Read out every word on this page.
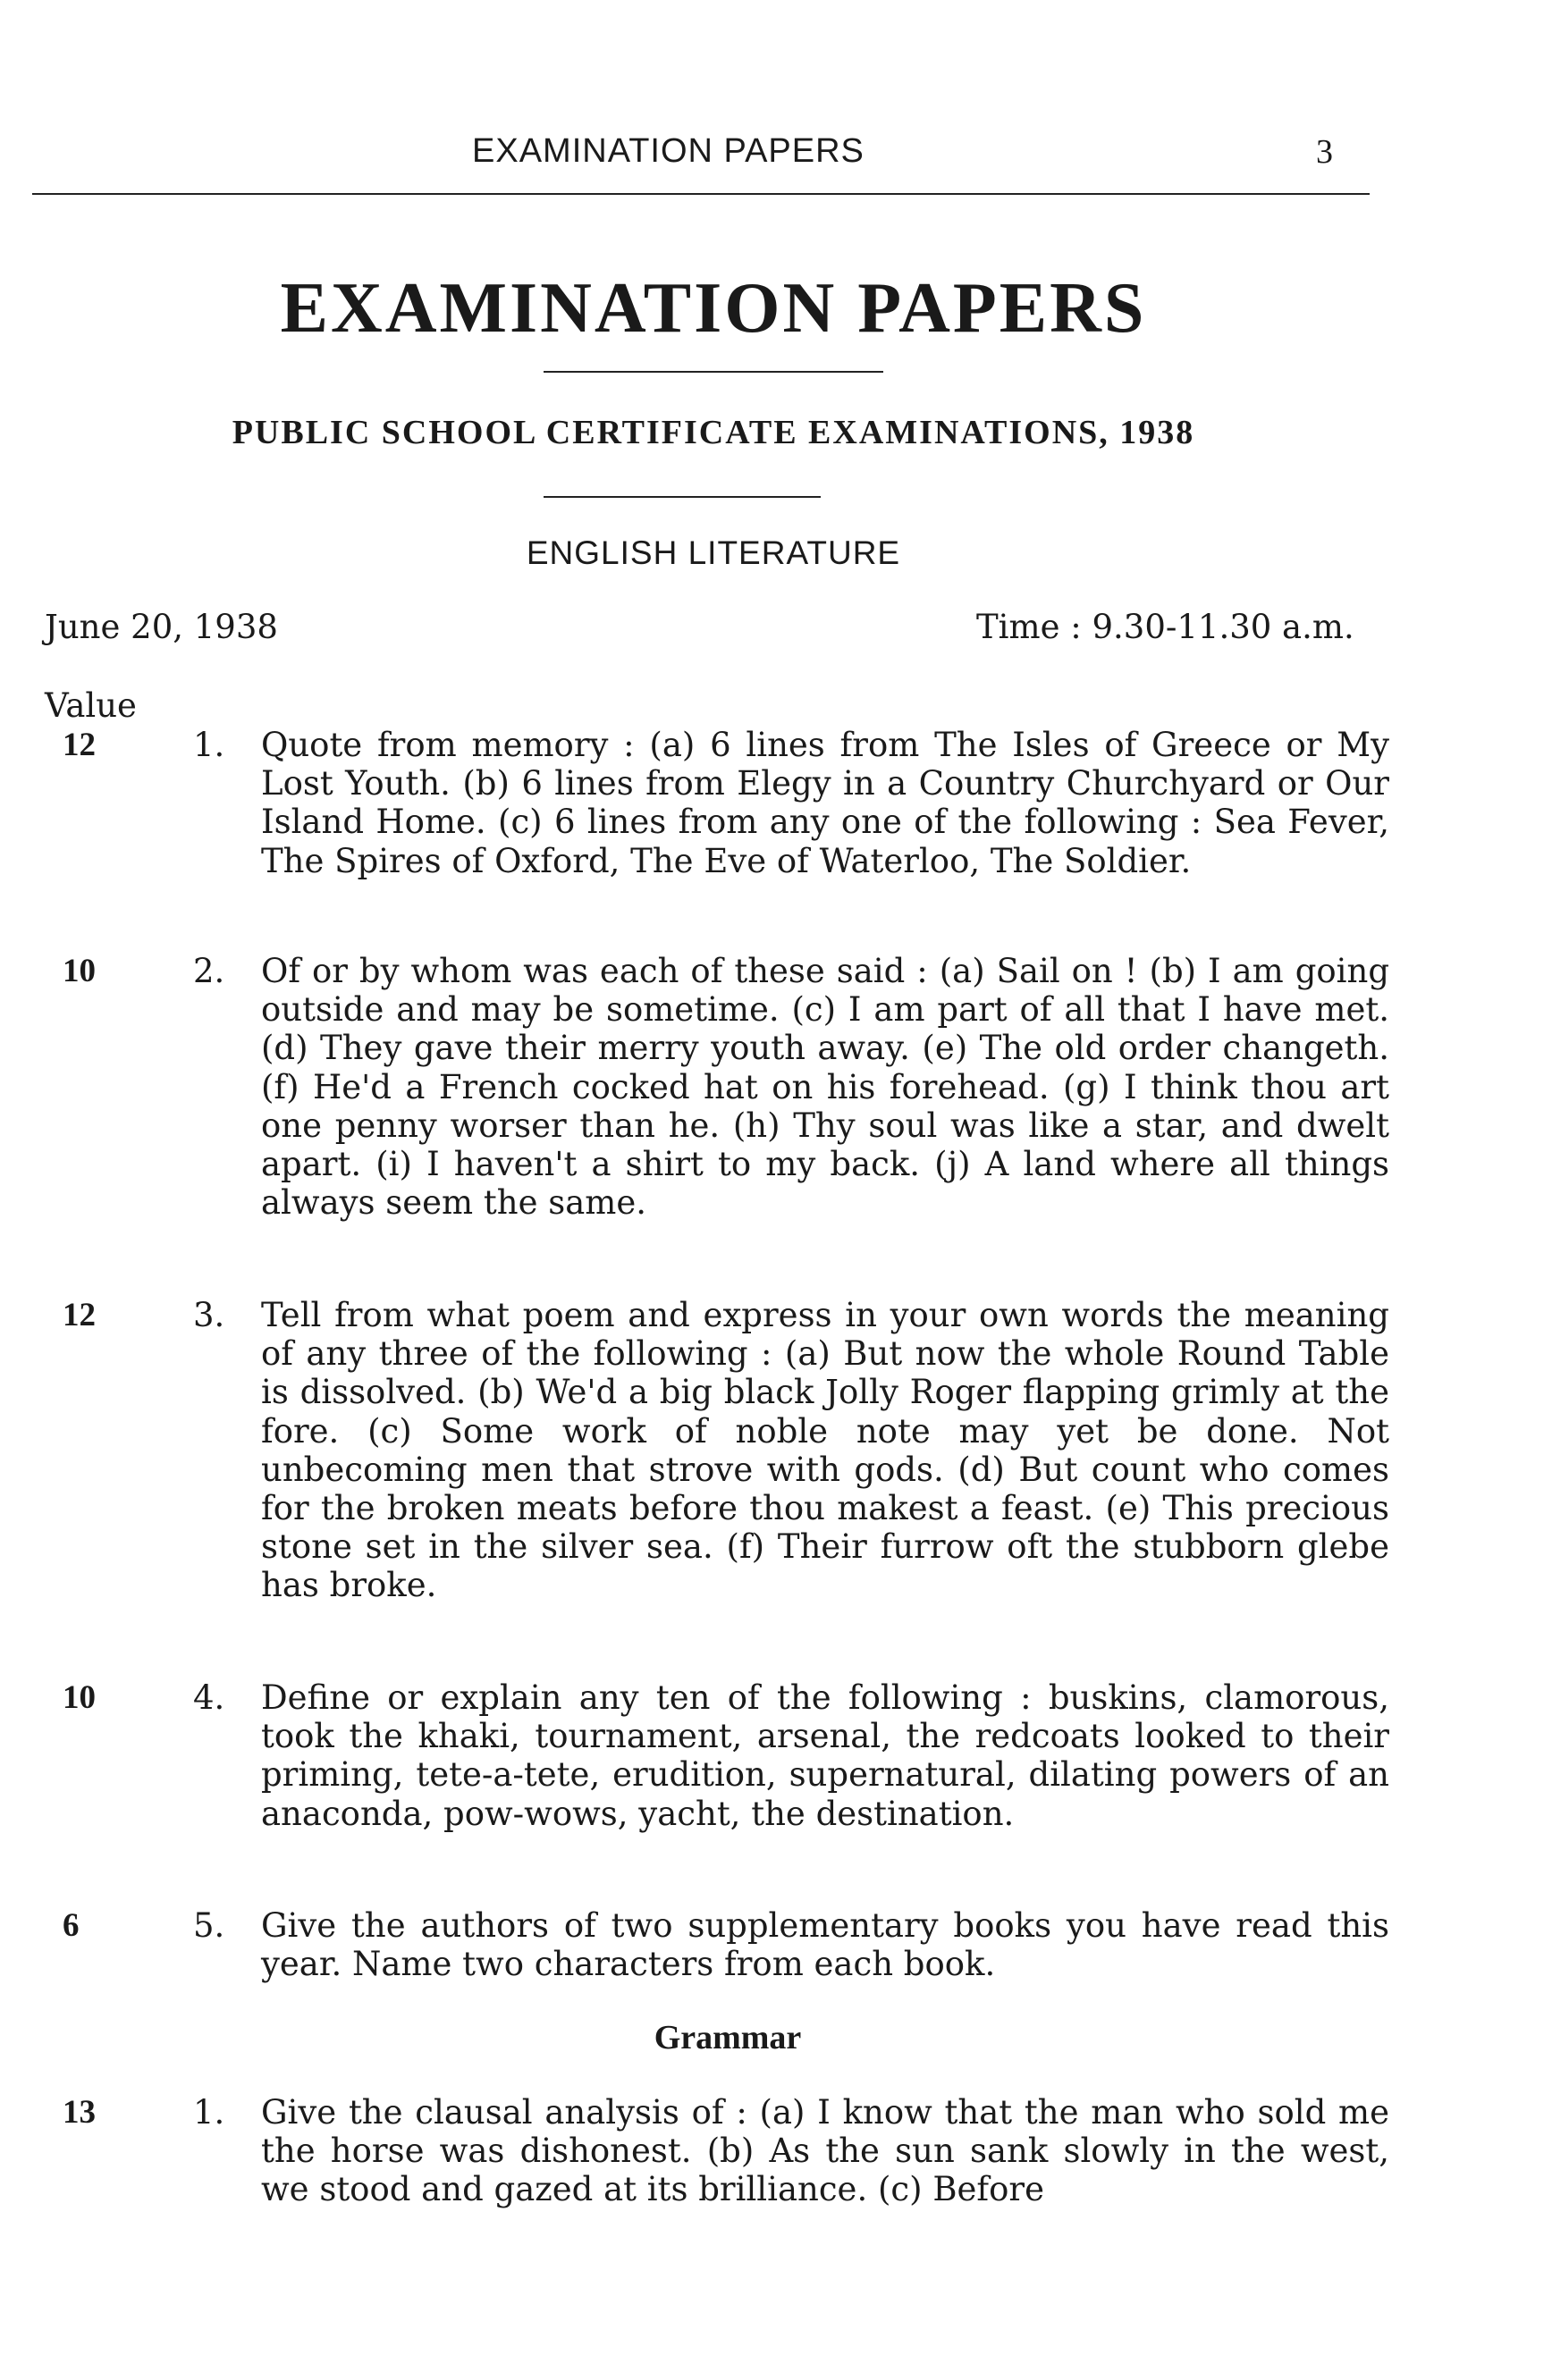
EXAMINATION PAPERS	3
EXAMINATION PAPERS
PUBLIC SCHOOL CERTIFICATE EXAMINATIONS, 1938
ENGLISH LITERATURE
June 20, 1938	Time : 9.30-11.30 a.m.
Value
12	1. Quote from memory : (a) 6 lines from The Isles of Greece or My Lost Youth. (b) 6 lines from Elegy in a Country Churchyard or Our Island Home. (c) 6 lines from any one of the following : Sea Fever, The Spires of Oxford, The Eve of Waterloo, The Soldier.

10	2. Of or by whom was each of these said : (a) Sail on ! (b) I am going outside and may be sometime. (c) I am part of all that I have met. (d) They gave their merry youth away. (e) The old order changeth. (f) He'd a French cocked hat on his forehead. (g) I think thou art one penny worser than he. (h) Thy soul was like a star, and dwelt apart. (i) I haven't a shirt to my back. (j) A land where all things always seem the same.

12	3. Tell from what poem and express in your own words the meaning of any three of the following : (a) But now the whole Round Table is dissolved. (b) We'd a big black Jolly Roger flapping grimly at the fore. (c) Some work of noble note may yet be done. Not unbecoming men that strove with gods. (d) But count who comes for the broken meats before thou makest a feast. (e) This precious stone set in the silver sea. (f) Their furrow oft the stubborn glebe has broke.

10	4. Define or explain any ten of the following : buskins, clamorous, took the khaki, tournament, arsenal, the redcoats looked to their priming, tete-a-tete, erudition, supernatural, dilating powers of an anaconda, pow-wows, yacht, the destination.

6	5. Give the authors of two supplementary books you have read this year. Name two characters from each book.

Grammar
13	1. Give the clausal analysis of : (a) I know that the man who sold me the horse was dishonest. (b) As the sun sank slowly in the west, we stood and gazed at its brilliance. (c) Before
